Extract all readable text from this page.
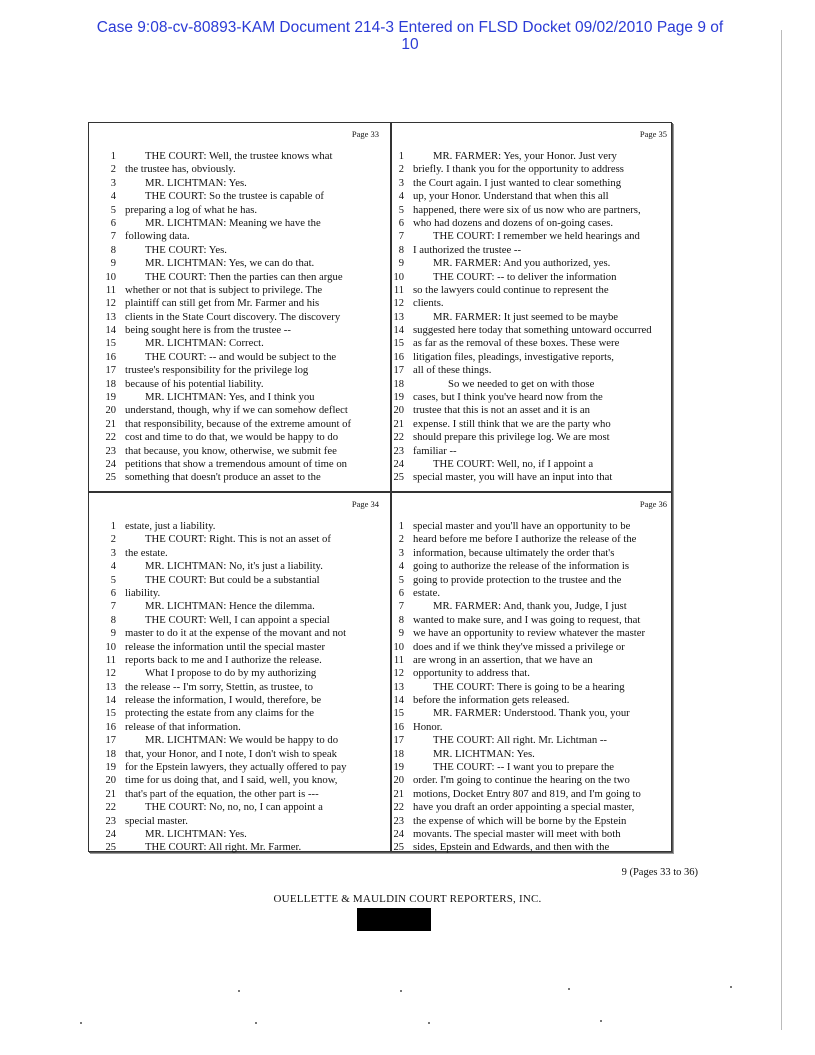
Case 9:08-cv-80893-KAM Document 214-3 Entered on FLSD Docket 09/02/2010 Page 9 of
10
Page 33
1	THE COURT: Well, the trustee knows what
2 the trustee has, obviously.
3	MR. LICHTMAN: Yes.
4	THE COURT: So the trustee is capable of
5 preparing a log of what he has.
6	MR. LICHTMAN: Meaning we have the
7 following data.
8	THE COURT: Yes.
9	MR. LICHTMAN: Yes, we can do that.
10	THE COURT: Then the parties can then argue
11 whether or not that is subject to privilege. The
12 plaintiff can still get from Mr. Farmer and his
13 clients in the State Court discovery. The discovery
14 being sought here is from the trustee --
15	MR. LICHTMAN: Correct.
16	THE COURT: -- and would be subject to the
17 trustee's responsibility for the privilege log
18 because of his potential liability.
19	MR. LICHTMAN: Yes, and I think you
20 understand, though, why if we can somehow deflect
21 that responsibility, because of the extreme amount of
22 cost and time to do that, we would be happy to do
23 that because, you know, otherwise, we submit fee
24 petitions that show a tremendous amount of time on
25 something that doesn't produce an asset to the
Page 35
1	MR. FARMER: Yes, your Honor. Just very
2 briefly. I thank you for the opportunity to address
3 the Court again. I just wanted to clear something
4 up, your Honor. Understand that when this all
5 happened, there were six of us now who are partners,
6 who had dozens and dozens of on-going cases.
7	THE COURT: I remember we held hearings and
8 I authorized the trustee --
9	MR. FARMER: And you authorized, yes.
10	THE COURT: -- to deliver the information
11 so the lawyers could continue to represent the
12 clients.
13	MR. FARMER: It just seemed to be maybe
14 suggested here today that something untoward occurred
15 as far as the removal of these boxes. These were
16 litigation files, pleadings, investigative reports,
17 all of these things.
18	So we needed to get on with those
19 cases, but I think you've heard now from the
20 trustee that this is not an asset and it is an
21 expense. I still think that we are the party who
22 should prepare this privilege log. We are most
23 familiar --
24	THE COURT: Well, no, if I appoint a
25 special master, you will have an input into that
Page 34
1 estate, just a liability.
2	THE COURT: Right. This is not an asset of
3 the estate.
4	MR. LICHTMAN: No, it's just a liability.
5	THE COURT: But could be a substantial
6 liability.
7	MR. LICHTMAN: Hence the dilemma.
8	THE COURT: Well, I can appoint a special
9 master to do it at the expense of the movant and not
10 release the information until the special master
11 reports back to me and I authorize the release.
12	What I propose to do by my authorizing
13 the release -- I'm sorry, Stettin, as trustee, to
14 release the information, I would, therefore, be
15 protecting the estate from any claims for the
16 release of that information.
17	MR. LICHTMAN: We would be happy to do
18 that, your Honor, and I note, I don't wish to speak
19 for the Epstein lawyers, they actually offered to pay
20 time for us doing that, and I said, well, you know,
21 that's part of the equation, the other part is ---
22	THE COURT: No, no, no, I can appoint a
23 special master.
24	MR. LICHTMAN: Yes.
25	THE COURT: All right. Mr. Farmer.
Page 36
1 special master and you'll have an opportunity to be
2 heard before me before I authorize the release of the
3 information, because ultimately the order that's
4 going to authorize the release of the information is
5 going to provide protection to the trustee and the
6 estate.
7	MR. FARMER: And, thank you, Judge, I just
8 wanted to make sure, and I was going to request, that
9 we have an opportunity to review whatever the master
10 does and if we think they've missed a privilege or
11 are wrong in an assertion, that we have an
12 opportunity to address that.
13	THE COURT: There is going to be a hearing
14 before the information gets released.
15	MR. FARMER: Understood. Thank you, your
16 Honor.
17	THE COURT: All right. Mr. Lichtman --
18	MR. LICHTMAN: Yes.
19	THE COURT: -- I want you to prepare the
20 order. I'm going to continue the hearing on the two
21 motions, Docket Entry 807 and 819, and I'm going to
22 have you draft an order appointing a special master,
23 the expense of which will be borne by the Epstein
24 movants. The special master will meet with both
25 sides, Epstein and Edwards, and then with the
9 (Pages 33 to 36)
OUELLETTE & MAULDIN COURT REPORTERS, INC.
